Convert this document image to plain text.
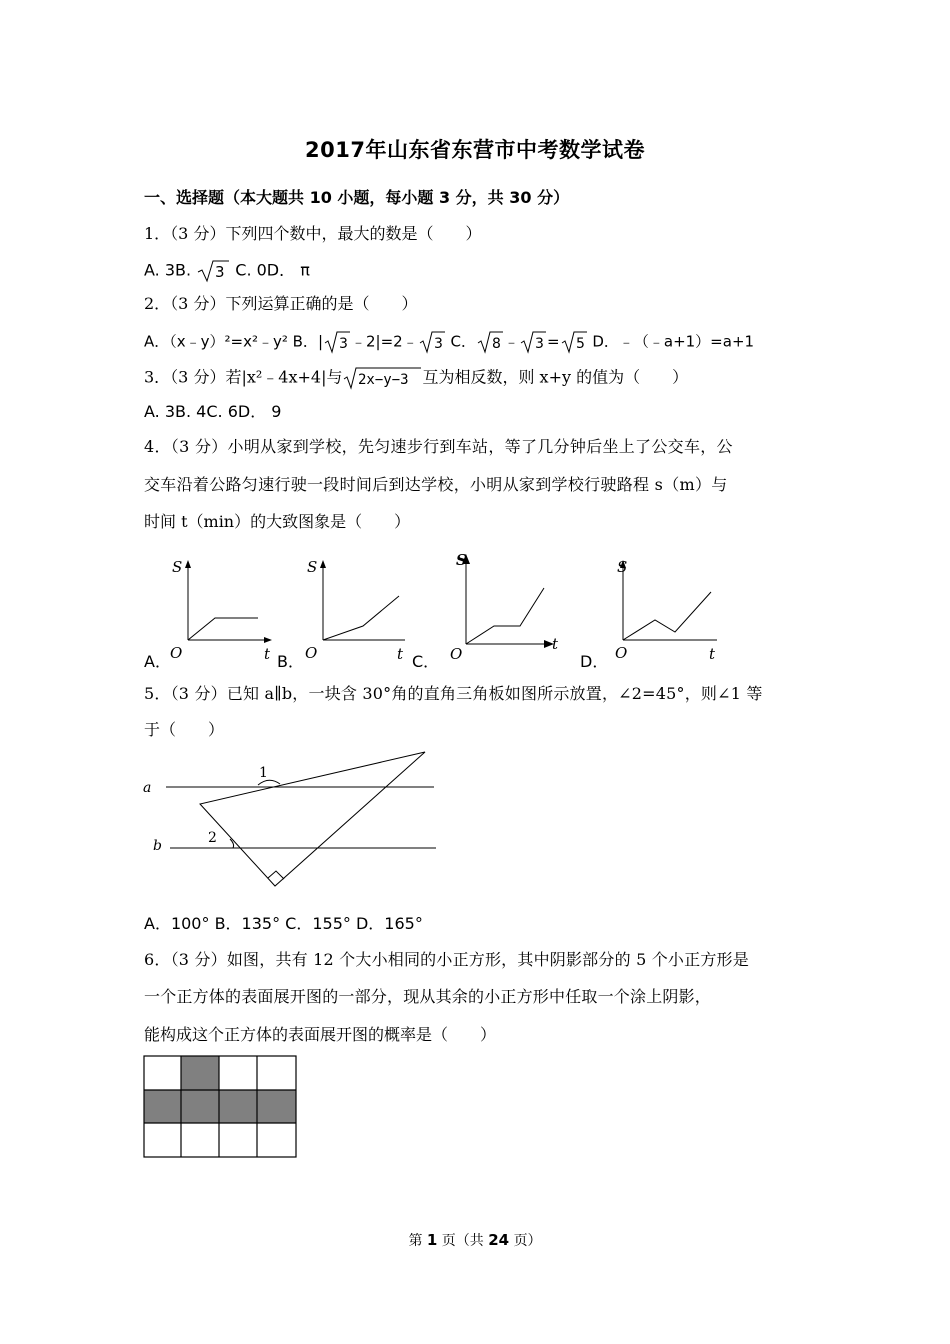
2017年山东省东营市中考数学试卷
一、选择题（本大题共 10 小题，每小题 3 分，共 30 分）
1．（3 分）下列四个数中，最大的数是（　　）
A. 3B. 3 C. 0D． π
2．（3 分）下列运算正确的是（　　）
A．（x﹣y）²=x²﹣y² B．| 3 ﹣2|=2﹣ 3 C． 8 ﹣ 3 = 5 D．﹣（﹣a+1）=a+1
3．（3 分）若|x²﹣4x+4|与 2x−y−3 互为相反数，则 x+y 的值为（　　）
A. 3B. 4C. 6D． 9
4．（3 分）小明从家到学校，先匀速步行到车站，等了几分钟后坐上了公交车，公
交车沿着公路匀速行驶一段时间后到达学校，小明从家到学校行驶路程 s（m）与
时间 t（min）的大致图象是（　　）
S
O	t
A．
S
O	t
B．
S
O
t
C．
S
O	t
D．
5．（3 分）已知 a∥b，一块含 30°角的直角三角板如图所示放置，∠2=45°，则∠1 等
于（　　）
a
b
1
2
A．100° B．135° C．155° D．165°
6．（3 分）如图，共有 12 个大小相同的小正方形，其中阴影部分的 5 个小正方形是
一个正方体的表面展开图的一部分，现从其余的小正方形中任取一个涂上阴影，
能构成这个正方体的表面展开图的概率是（　　）
第 1 页（共 24 页）
